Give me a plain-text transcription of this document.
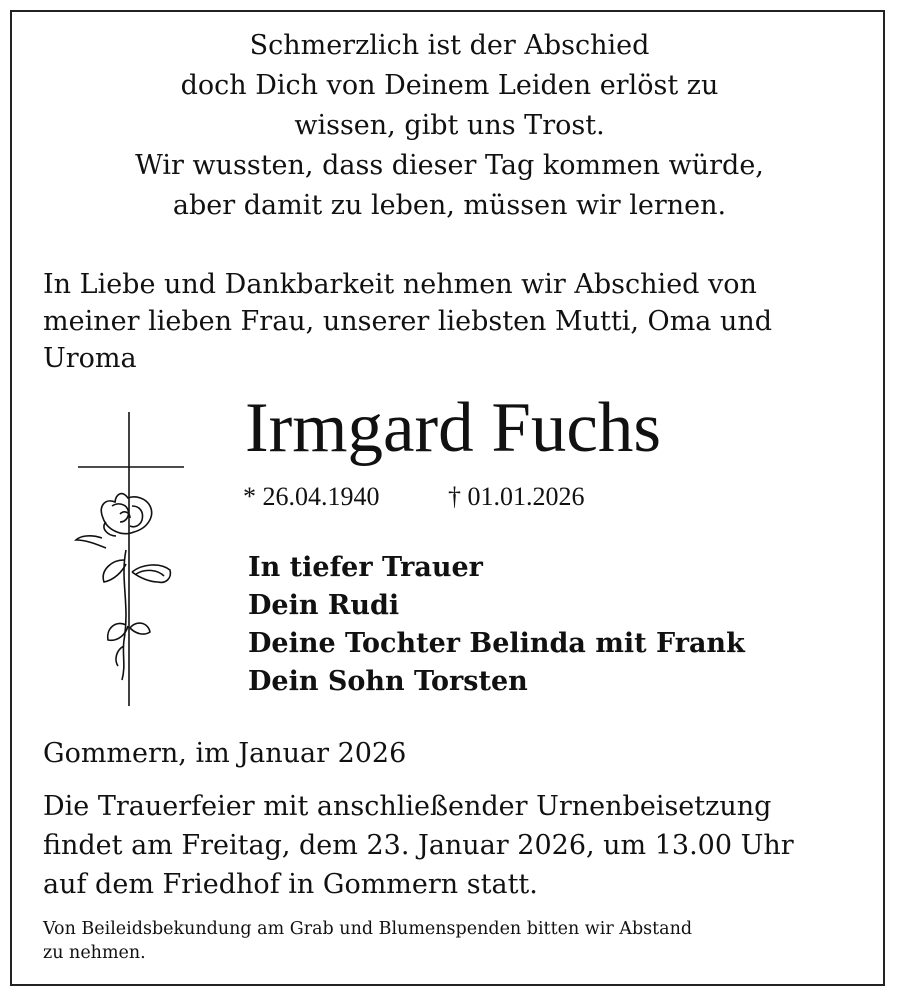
Schmerzlich ist der Abschied
doch Dich von Deinem Leiden erlöst zu
wissen, gibt uns Trost.
Wir wussten, dass dieser Tag kommen würde,
aber damit zu leben, müssen wir lernen.
In Liebe und Dankbarkeit nehmen wir Abschied von
meiner lieben Frau, unserer liebsten Mutti, Oma und
Uroma
Irmgard Fuchs
* 26.04.1940	† 01.01.2026
In tiefer Trauer
Dein Rudi
Deine Tochter Belinda mit Frank
Dein Sohn Torsten
Gommern, im Januar 2026
Die Trauerfeier mit anschließender Urnenbeisetzung
findet am Freitag, dem 23. Januar 2026, um 13.00 Uhr
auf dem Friedhof in Gommern statt.
Von Beileidsbekundung am Grab und Blumenspenden bitten wir Abstand
zu nehmen.
